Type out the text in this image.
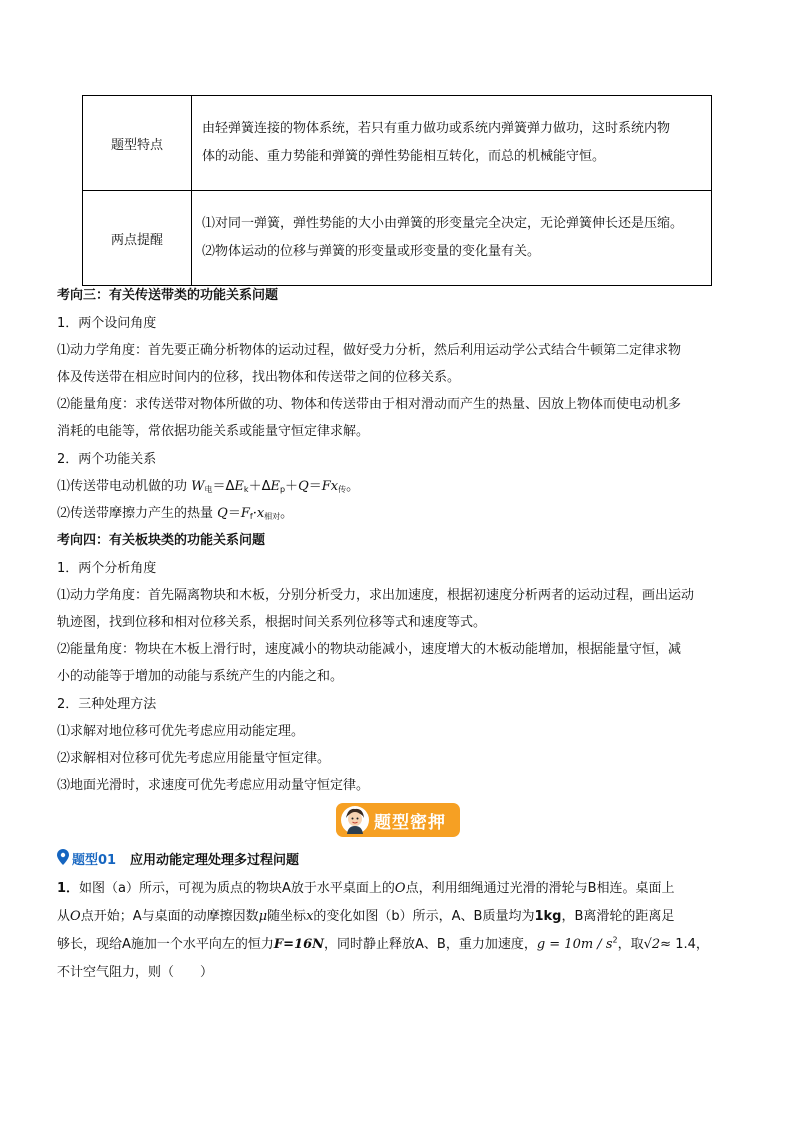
题型特点	由轻弹簧连接的物体系统，若只有重力做功或系统内弹簧弹力做功，这时系统内物
体的动能、重力势能和弹簧的弹性势能相互转化，而总的机械能守恒。

两点提醒	⑴对同一弹簧，弹性势能的大小由弹簧的形变量完全决定，无论弹簧伸长还是压缩。
⑵物体运动的位移与弹簧的形变量或形变量的变化量有关。
考向三：有关传送带类的功能关系问题
1．两个设问角度
⑴动力学角度：首先要正确分析物体的运动过程，做好受力分析，然后利用运动学公式结合牛顿第二定律求物
体及传送带在相应时间内的位移，找出物体和传送带之间的位移关系。
⑵能量角度：求传送带对物体所做的功、物体和传送带由于相对滑动而产生的热量、因放上物体而使电动机多
消耗的电能等，常依据功能关系或能量守恒定律求解。
2．两个功能关系
⑴传送带电动机做的功 $W_电=\Delta E_k+\Delta E_p+Q=Fx_传$。
⑵传送带摩擦力产生的热量 $Q=F_f\cdot x_{相对}$。
考向四：有关板块类的功能关系问题
1．两个分析角度
⑴动力学角度：首先隔离物块和木板，分别分析受力，求出加速度，根据初速度分析两者的运动过程，画出运动
轨迹图，找到位移和相对位移关系，根据时间关系列位移等式和速度等式。
⑵能量角度：物块在木板上滑行时，速度减小的物块动能减小，速度增大的木板动能增加，根据能量守恒，减
小的动能等于增加的动能与系统产生的内能之和。
2．三种处理方法
⑴求解对地位移可优先考虑应用动能定理。
⑵求解相对位移可优先考虑应用能量守恒定律。
⑶地面光滑时，求速度可优先考虑应用动量守恒定律。
题型密押
题型01 应用动能定理处理多过程问题
1．如图（a）所示，可视为质点的物块A放于水平桌面上的O点，利用细绳通过光滑的滑轮与B相连。桌面上
从O点开始；A与桌面的动摩擦因数μ随坐标x的变化如图（b）所示，A、B质量均为1kg，B离滑轮的距离足
够长，现给A施加一个水平向左的恒力F=16N，同时静止释放A、B，重力加速度，$g = 10m / s^2$，取√2≈ 1.4，
不计空气阻力，则（　　）
